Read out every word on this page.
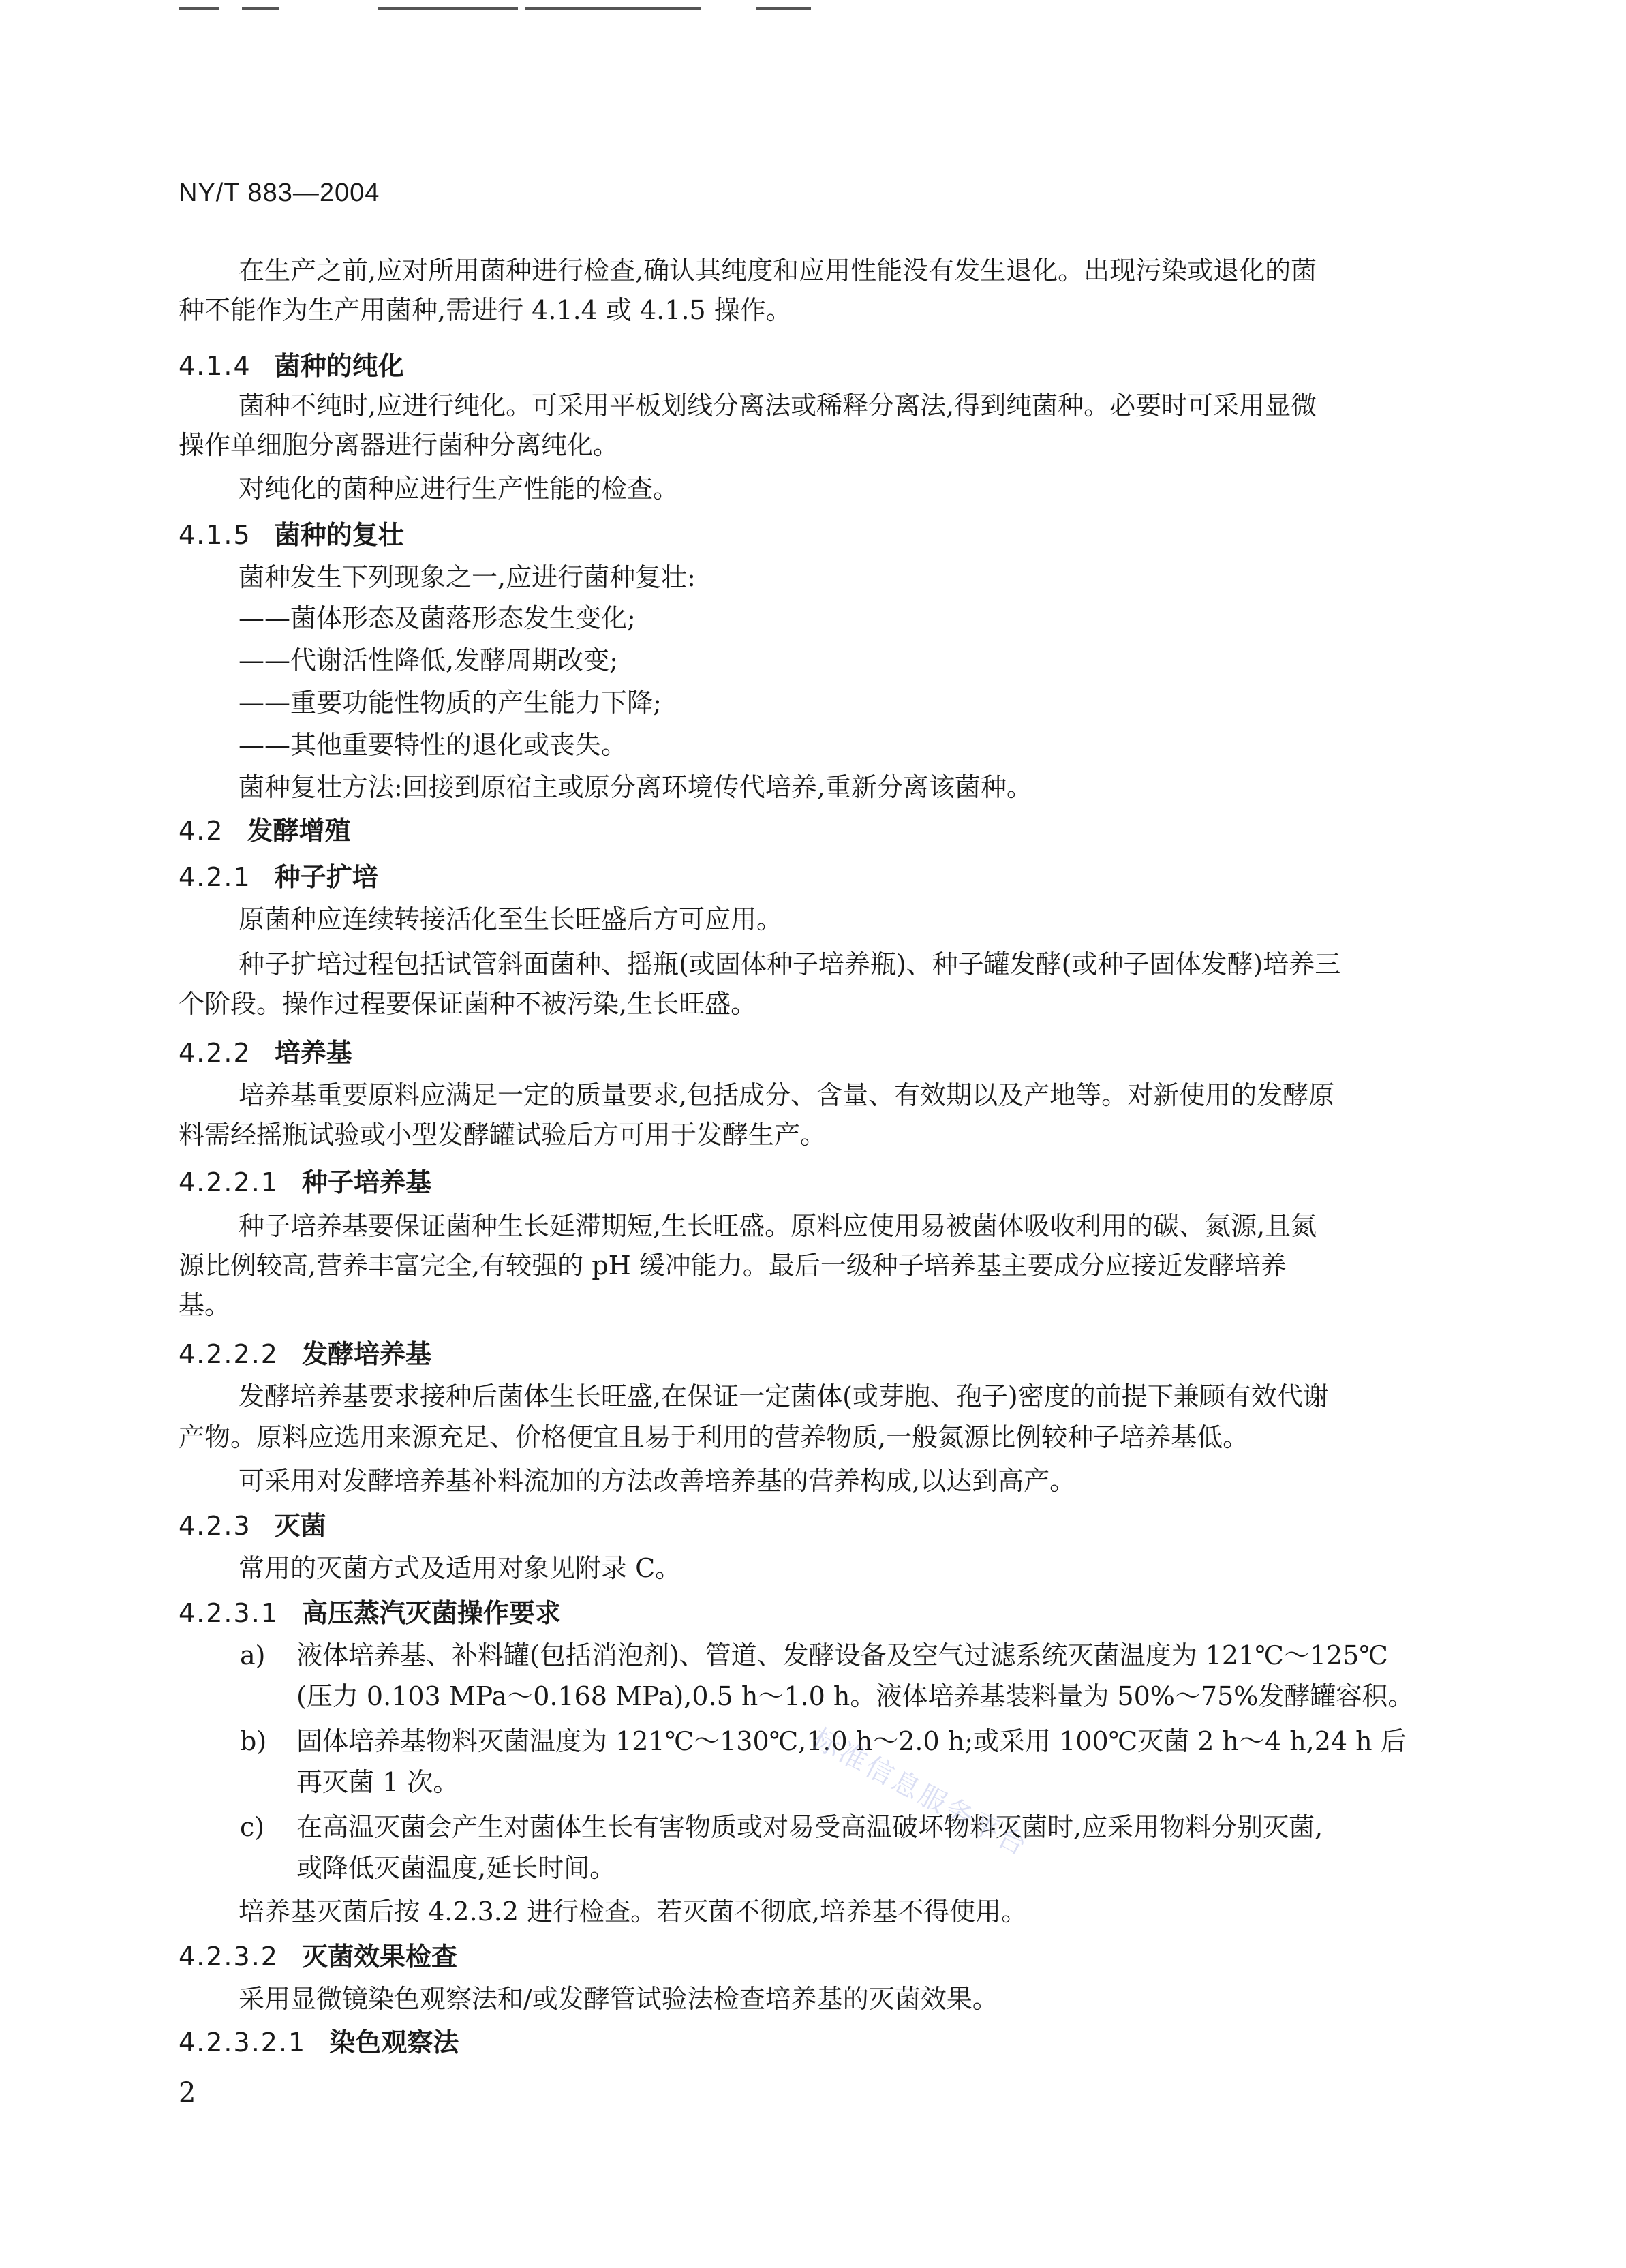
NY/T 883—2004
在生产之前,应对所用菌种进行检查,确认其纯度和应用性能没有发生退化。出现污染或退化的菌
种不能作为生产用菌种,需进行 4.1.4 或 4.1.5 操作。
4.1.4 菌种的纯化
菌种不纯时,应进行纯化。可采用平板划线分离法或稀释分离法,得到纯菌种。必要时可采用显微
操作单细胞分离器进行菌种分离纯化。
对纯化的菌种应进行生产性能的检查。
4.1.5 菌种的复壮
菌种发生下列现象之一,应进行菌种复壮:
——菌体形态及菌落形态发生变化;
——代谢活性降低,发酵周期改变;
——重要功能性物质的产生能力下降;
——其他重要特性的退化或丧失。
菌种复壮方法:回接到原宿主或原分离环境传代培养,重新分离该菌种。
4.2 发酵增殖
4.2.1 种子扩培
原菌种应连续转接活化至生长旺盛后方可应用。
种子扩培过程包括试管斜面菌种、摇瓶(或固体种子培养瓶)、种子罐发酵(或种子固体发酵)培养三
个阶段。操作过程要保证菌种不被污染,生长旺盛。
4.2.2 培养基
培养基重要原料应满足一定的质量要求,包括成分、含量、有效期以及产地等。对新使用的发酵原
料需经摇瓶试验或小型发酵罐试验后方可用于发酵生产。
4.2.2.1 种子培养基
种子培养基要保证菌种生长延滞期短,生长旺盛。原料应使用易被菌体吸收利用的碳、氮源,且氮
源比例较高,营养丰富完全,有较强的 pH 缓冲能力。最后一级种子培养基主要成分应接近发酵培养
基。
4.2.2.2 发酵培养基
发酵培养基要求接种后菌体生长旺盛,在保证一定菌体(或芽胞、孢子)密度的前提下兼顾有效代谢
产物。原料应选用来源充足、价格便宜且易于利用的营养物质,一般氮源比例较种子培养基低。
可采用对发酵培养基补料流加的方法改善培养基的营养构成,以达到高产。
4.2.3 灭菌
常用的灭菌方式及适用对象见附录 C。
4.2.3.1 高压蒸汽灭菌操作要求
a) 液体培养基、补料罐(包括消泡剂)、管道、发酵设备及空气过滤系统灭菌温度为 121℃～125℃
(压力 0.103 MPa～0.168 MPa),0.5 h～1.0 h。液体培养基装料量为 50%～75%发酵罐容积。
b) 固体培养基物料灭菌温度为 121℃～130℃,1.0 h～2.0 h;或采用 100℃灭菌 2 h～4 h,24 h 后
再灭菌 1 次。
c) 在高温灭菌会产生对菌体生长有害物质或对易受高温破坏物料灭菌时,应采用物料分别灭菌,
或降低灭菌温度,延长时间。
培养基灭菌后按 4.2.3.2 进行检查。若灭菌不彻底,培养基不得使用。
4.2.3.2 灭菌效果检查
采用显微镜染色观察法和/或发酵管试验法检查培养基的灭菌效果。
4.2.3.2.1 染色观察法
2
标准信息服务平台
